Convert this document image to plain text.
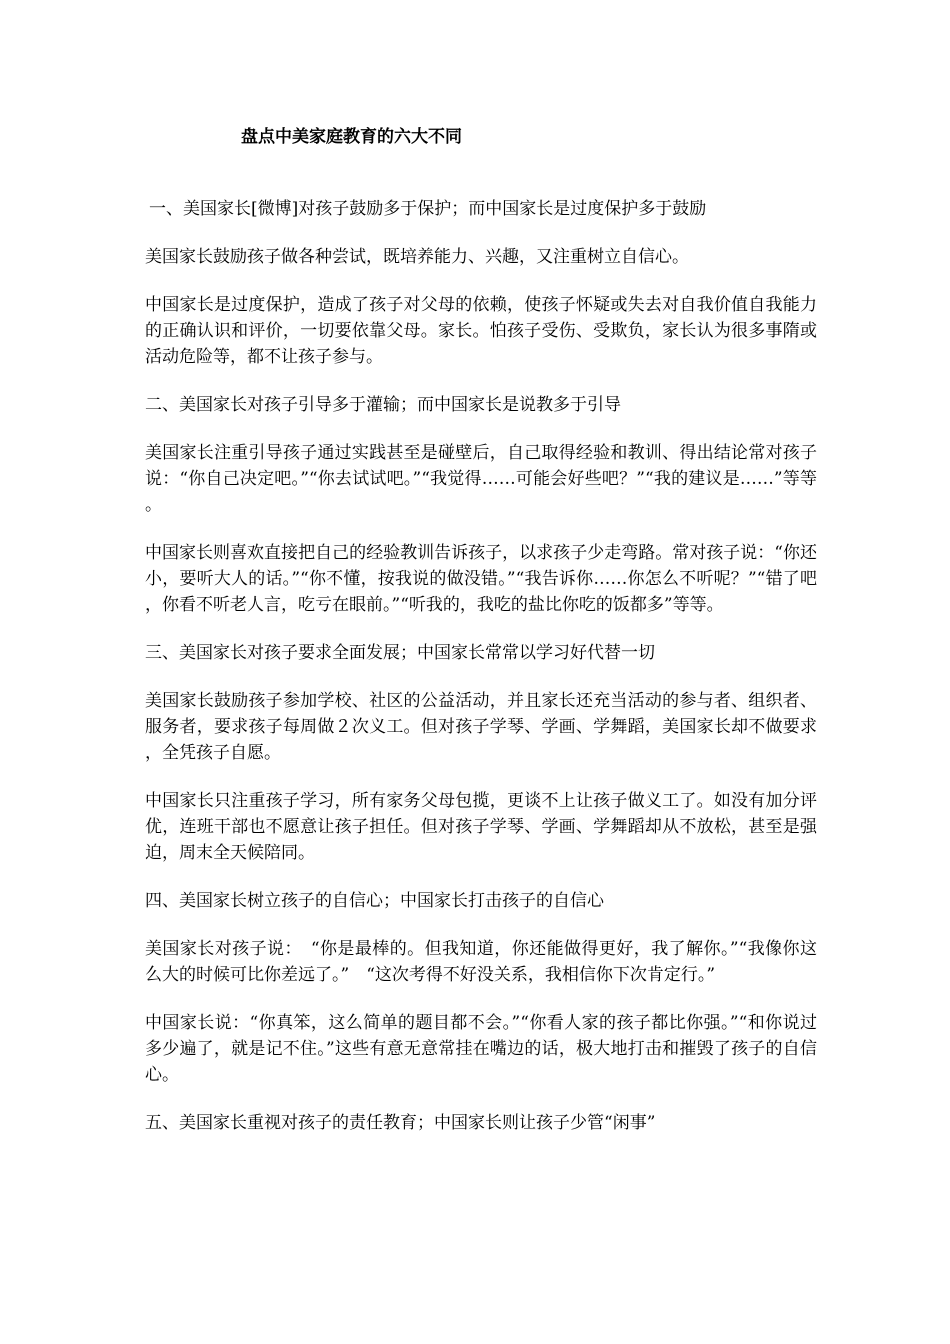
盘点中美家庭教育的六大不同

一、美国家长[微博]对孩子鼓励多于保护；而中国家长是过度保护多于鼓励

美国家长鼓励孩子做各种尝试，既培养能力、兴趣，又注重树立自信心。

中国家长是过度保护，造成了孩子对父母的依赖，使孩子怀疑或失去对自我价值自我能力的正确认识和评价，一切要依靠父母。家长。怕孩子受伤、受欺负，家长认为很多事隋或活动危险等，都不让孩子参与。

二、美国家长对孩子引导多于灌输；而中国家长是说教多于引导

美国家长注重引导孩子通过实践甚至是碰壁后，自己取得经验和教训、得出结论常对孩子说：“你自己决定吧。”“你去试试吧。”“我觉得……可能会好些吧？”“我的建议是……”等等。

中国家长则喜欢直接把自己的经验教训告诉孩子，以求孩子少走弯路。常对孩子说：“你还小，要听大人的话。”“你不懂，按我说的做没错。”“我告诉你……你怎么不听呢？”“错了吧，你看不听老人言，吃亏在眼前。”“听我的，我吃的盐比你吃的饭都多”等等。

三、美国家长对孩子要求全面发展；中国家长常常以学习好代替一切

美国家长鼓励孩子参加学校、社区的公益活动，并且家长还充当活动的参与者、组织者、服务者，要求孩子每周做２次义工。但对孩子学琴、学画、学舞蹈，美国家长却不做要求，全凭孩子自愿。

中国家长只注重孩子学习，所有家务父母包揽，更谈不上让孩子做义工了。如没有加分评优，连班干部也不愿意让孩子担任。但对孩子学琴、学画、学舞蹈却从不放松，甚至是强迫，周末全天候陪同。

四、美国家长树立孩子的自信心；中国家长打击孩子的自信心

美国家长对孩子说：　“你是最棒的。但我知道，你还能做得更好，我了解你。”“我像你这么大的时候可比你差远了。”　“这次考得不好没关系，我相信你下次肯定行。”

中国家长说：“你真笨，这么简单的题目都不会。”“你看人家的孩子都比你强。”“和你说过多少遍了，就是记不住。”这些有意无意常挂在嘴边的话，极大地打击和摧毁了孩子的自信心。

五、美国家长重视对孩子的责任教育；中国家长则让孩子少管“闲事”
